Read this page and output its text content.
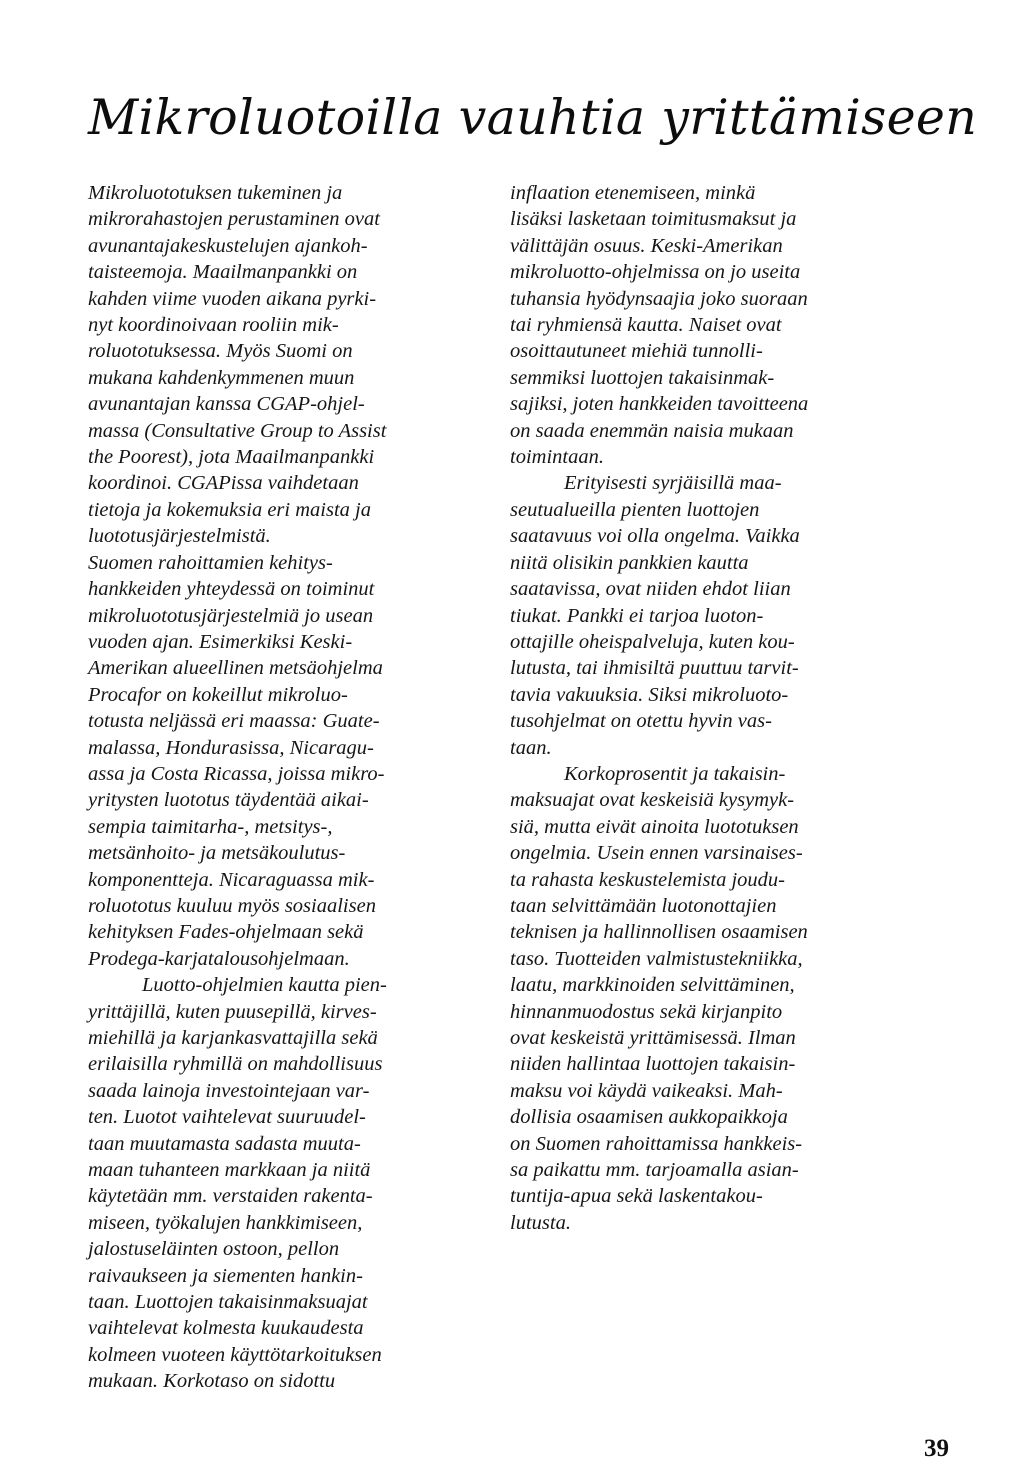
Mikroluotoilla vauhtia yrittämiseen
Mikroluototuksen tukeminen ja
mikrorahastojen perustaminen ovat
avunantajakeskustelujen ajankoh-
taisteemoja. Maailmanpankki on
kahden viime vuoden aikana pyrki-
nyt koordinoivaan rooliin mik-
roluototuksessa. Myös Suomi on
mukana kahdenkymmenen muun
avunantajan kanssa CGAP-ohjel-
massa (Consultative Group to Assist
the Poorest), jota Maailmanpankki
koordinoi. CGAPissa vaihdetaan
tietoja ja kokemuksia eri maista ja
luototusjärjestelmistä.
Suomen rahoittamien kehitys-
hankkeiden yhteydessä on toiminut
mikroluototusjärjestelmiä jo usean
vuoden ajan. Esimerkiksi Keski-
Amerikan alueellinen metsäohjelma
Procafor on kokeillut mikroluo-
totusta neljässä eri maassa: Guate-
malassa, Hondurasissa, Nicaragu-
assa ja Costa Ricassa, joissa mikro-
yritysten luototus täydentää aikai-
sempia taimitarha-, metsitys-,
metsänhoito- ja metsäkoulutus-
komponentteja. Nicaraguassa mik-
roluototus kuuluu myös sosiaalisen
kehityksen Fades-ohjelmaan sekä
Prodega-karjatalousohjelmaan.
Luotto-ohjelmien kautta pien-
yrittäjillä, kuten puusepillä, kirves-
miehillä ja karjankasvattajilla sekä
erilaisilla ryhmillä on mahdollisuus
saada lainoja investointejaan var-
ten. Luotot vaihtelevat suuruudel-
taan muutamasta sadasta muuta-
maan tuhanteen markkaan ja niitä
käytetään mm. verstaiden rakenta-
miseen, työkalujen hankkimiseen,
jalostuseläinten ostoon, pellon
raivaukseen ja siementen hankin-
taan. Luottojen takaisinmaksuajat
vaihtelevat kolmesta kuukaudesta
kolmeen vuoteen käyttötarkoituksen
mukaan. Korkotaso on sidottu
inflaation etenemiseen, minkä
lisäksi lasketaan toimitusmaksut ja
välittäjän osuus. Keski-Amerikan
mikroluotto-ohjelmissa on jo useita
tuhansia hyödynsaajia joko suoraan
tai ryhmiensä kautta. Naiset ovat
osoittautuneet miehiä tunnolli-
semmiksi luottojen takaisinmak-
sajiksi, joten hankkeiden tavoitteena
on saada enemmän naisia mukaan
toimintaan.
Erityisesti syrjäisillä maa-
seutualueilla pienten luottojen
saatavuus voi olla ongelma. Vaikka
niitä olisikin pankkien kautta
saatavissa, ovat niiden ehdot liian
tiukat. Pankki ei tarjoa luoton-
ottajille oheispalveluja, kuten kou-
lutusta, tai ihmisiltä puuttuu tarvit-
tavia vakuuksia. Siksi mikroluoto-
tusohjelmat on otettu hyvin vas-
taan.
Korkoprosentit ja takaisin-
maksuajat ovat keskeisiä kysymyk-
siä, mutta eivät ainoita luototuksen
ongelmia. Usein ennen varsinaises-
ta rahasta keskustelemista joudu-
taan selvittämään luotonottajien
teknisen ja hallinnollisen osaamisen
taso. Tuotteiden valmistustekniikka,
laatu, markkinoiden selvittäminen,
hinnanmuodostus sekä kirjanpito
ovat keskeistä yrittämisessä. Ilman
niiden hallintaa luottojen takaisin-
maksu voi käydä vaikeaksi. Mah-
dollisia osaamisen aukkopaikkoja
on Suomen rahoittamissa hankkeis-
sa paikattu mm. tarjoamalla asian-
tuntija-apua sekä laskentakou-
lutusta.
39
